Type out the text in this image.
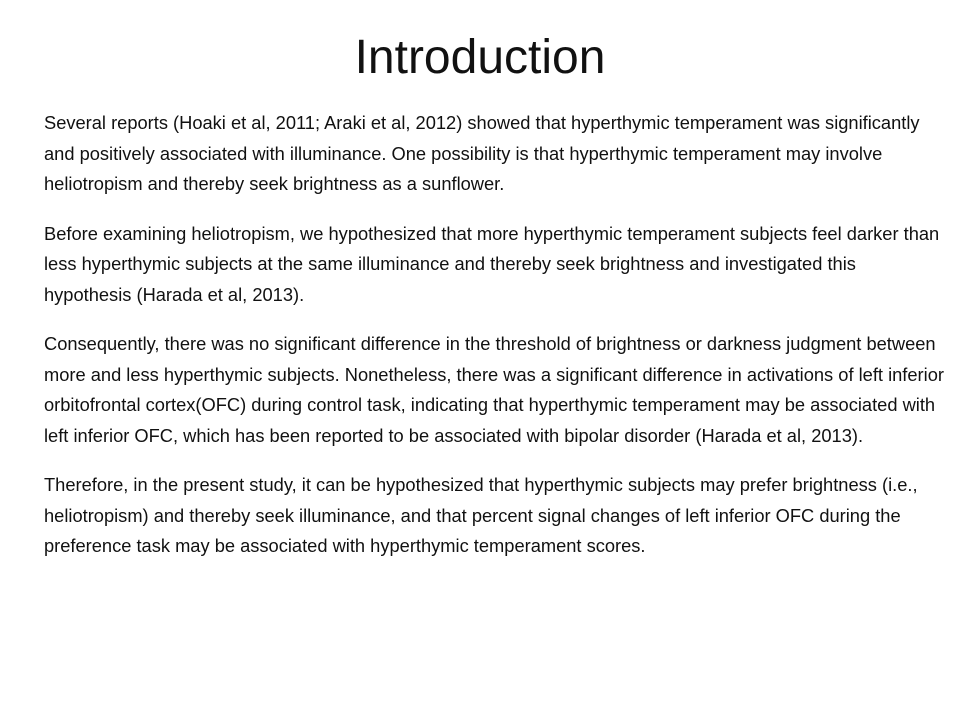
Introduction

Several reports (Hoaki et al, 2011; Araki et al, 2012) showed that hyperthymic temperament was significantly and positively associated with illuminance. One possibility is that hyperthymic temperament may involve heliotropism and thereby seek brightness as a sunflower.

Before examining heliotropism, we hypothesized that more hyperthymic temperament subjects feel darker than less hyperthymic subjects at the same illuminance and thereby seek brightness and investigated this hypothesis (Harada et al, 2013).

Consequently, there was no significant difference in the threshold of brightness or darkness judgment between more and less hyperthymic subjects. Nonetheless, there was a significant difference in activations of left inferior orbitofrontal cortex(OFC) during control task, indicating that hyperthymic temperament may be associated with left inferior OFC, which has been reported to be associated with bipolar disorder (Harada et al, 2013).

Therefore, in the present study, it can be hypothesized that hyperthymic subjects may prefer brightness (i.e., heliotropism) and thereby seek illuminance, and that percent signal changes of left inferior OFC during the preference task may be associated with hyperthymic temperament scores.
